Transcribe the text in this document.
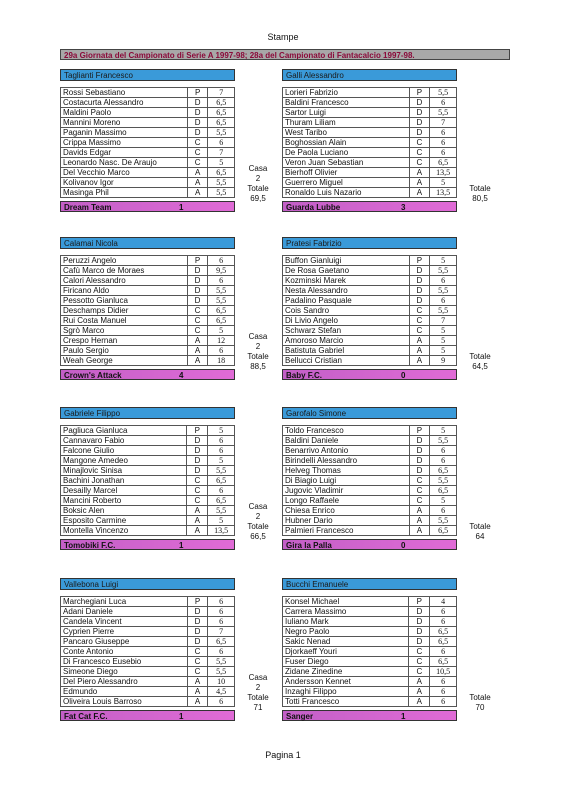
Stampe
29a Giornata del Campionato di Serie A 1997-98; 28a del Campionato di Fantacalcio 1997-98.
Taglianti Francesco
Rossi Sebastiano	P	7
Costacurta Alessandro	D	6,5
Maldini Paolo	D	6,5
Mannini Moreno	D	6,5
Paganin Massimo	D	5,5
Crippa Massimo	C	6
Davids Edgar	C	7
Leonardo Nasc. De Araujo	C	5
Del Vecchio Marco	A	6,5
Kolivanov Igor	A	5,5
Masinga Phil	A	5,5
Dream Team	1
Casa
2
Totale
69,5
Galli Alessandro
Lorieri Fabrizio	P	5,5
Baldini Francesco	D	6
Sartor Luigi	D	5,5
Thuram Liliam	D	7
West Taribo	D	6
Boghossian Alain	C	6
De Paola Luciano	C	6
Veron Juan Sebastian	C	6,5
Bierhoff Olivier	A	13,5
Guerrero Miguel	A	5
Ronaldo Luis Nazario	A	13,5
Guarda Lubbe	3
Totale
80,5
Calamai Nicola
Peruzzi Angelo	P	6
Cafù Marco de Moraes	D	9,5
Calori Alessandro	D	6
Firicano Aldo	D	5,5
Pessotto Gianluca	D	5,5
Deschamps Didier	C	6,5
Rui Costa Manuel	C	6,5
Sgrò Marco	C	5
Crespo Hernan	A	12
Paulo Sergio	A	6
Weah George	A	18
Crown's Attack	4
Casa
2
Totale
88,5
Pratesi Fabrizio
Buffon Gianluigi	P	5
De Rosa Gaetano	D	5,5
Kozminski Marek	D	6
Nesta Alessandro	D	5,5
Padalino Pasquale	D	6
Cois Sandro	C	5,5
Di Livio Angelo	C	7
Schwarz Stefan	C	5
Amoroso Marcio	A	5
Batistuta Gabriel	A	5
Bellucci Cristian	A	9
Baby F.C.	0
Totale
64,5
Gabriele Filippo
Pagliuca Gianluca	P	5
Cannavaro Fabio	D	6
Falcone Giulio	D	6
Mangone Amedeo	D	5
Minajlovic Sinisa	D	5,5
Bachini Jonathan	C	6,5
Desailly Marcel	C	6
Mancini Roberto	C	6,5
Boksic Alen	A	5,5
Esposito Carmine	A	5
Montella Vincenzo	A	13,5
Tomobiki F.C.	1
Casa
2
Totale
66,5
Garofalo Simone
Toldo Francesco	P	5
Baldini Daniele	D	5,5
Benarrivo Antonio	D	6
Birindelli Alessandro	D	6
Helveg Thomas	D	6,5
Di Biagio Luigi	C	5,5
Jugovic Vladimir	C	6,5
Longo Raffaele	C	5
Chiesa Enrico	A	6
Hubner Dario	A	5,5
Palmieri Francesco	A	6,5
Gira la Palla	0
Totale
64
Vallebona Luigi
Marchegiani Luca	P	6
Adani Daniele	D	6
Candela Vincent	D	6
Cyprien Pierre	D	7
Pancaro Giuseppe	D	6,5
Conte Antonio	C	6
Di Francesco Eusebio	C	5,5
Simeone Diego	C	5,5
Del Piero Alessandro	A	10
Edmundo	A	4,5
Oliveira Louis Barroso	A	6
Fat Cat F.C.	1
Casa
2
Totale
71
Bucchi Emanuele
Konsel Michael	P	4
Carrera Massimo	D	6
Iuliano Mark	D	6
Negro Paolo	D	6,5
Sakic Nenad	D	6,5
Djorkaeff Youri	C	6
Fuser Diego	C	6,5
Zidane Zinedine	C	10,5
Andersson Kennet	A	6
Inzaghi Filippo	A	6
Totti Francesco	A	6
Sanger	1
Totale
70
Pagina 1
